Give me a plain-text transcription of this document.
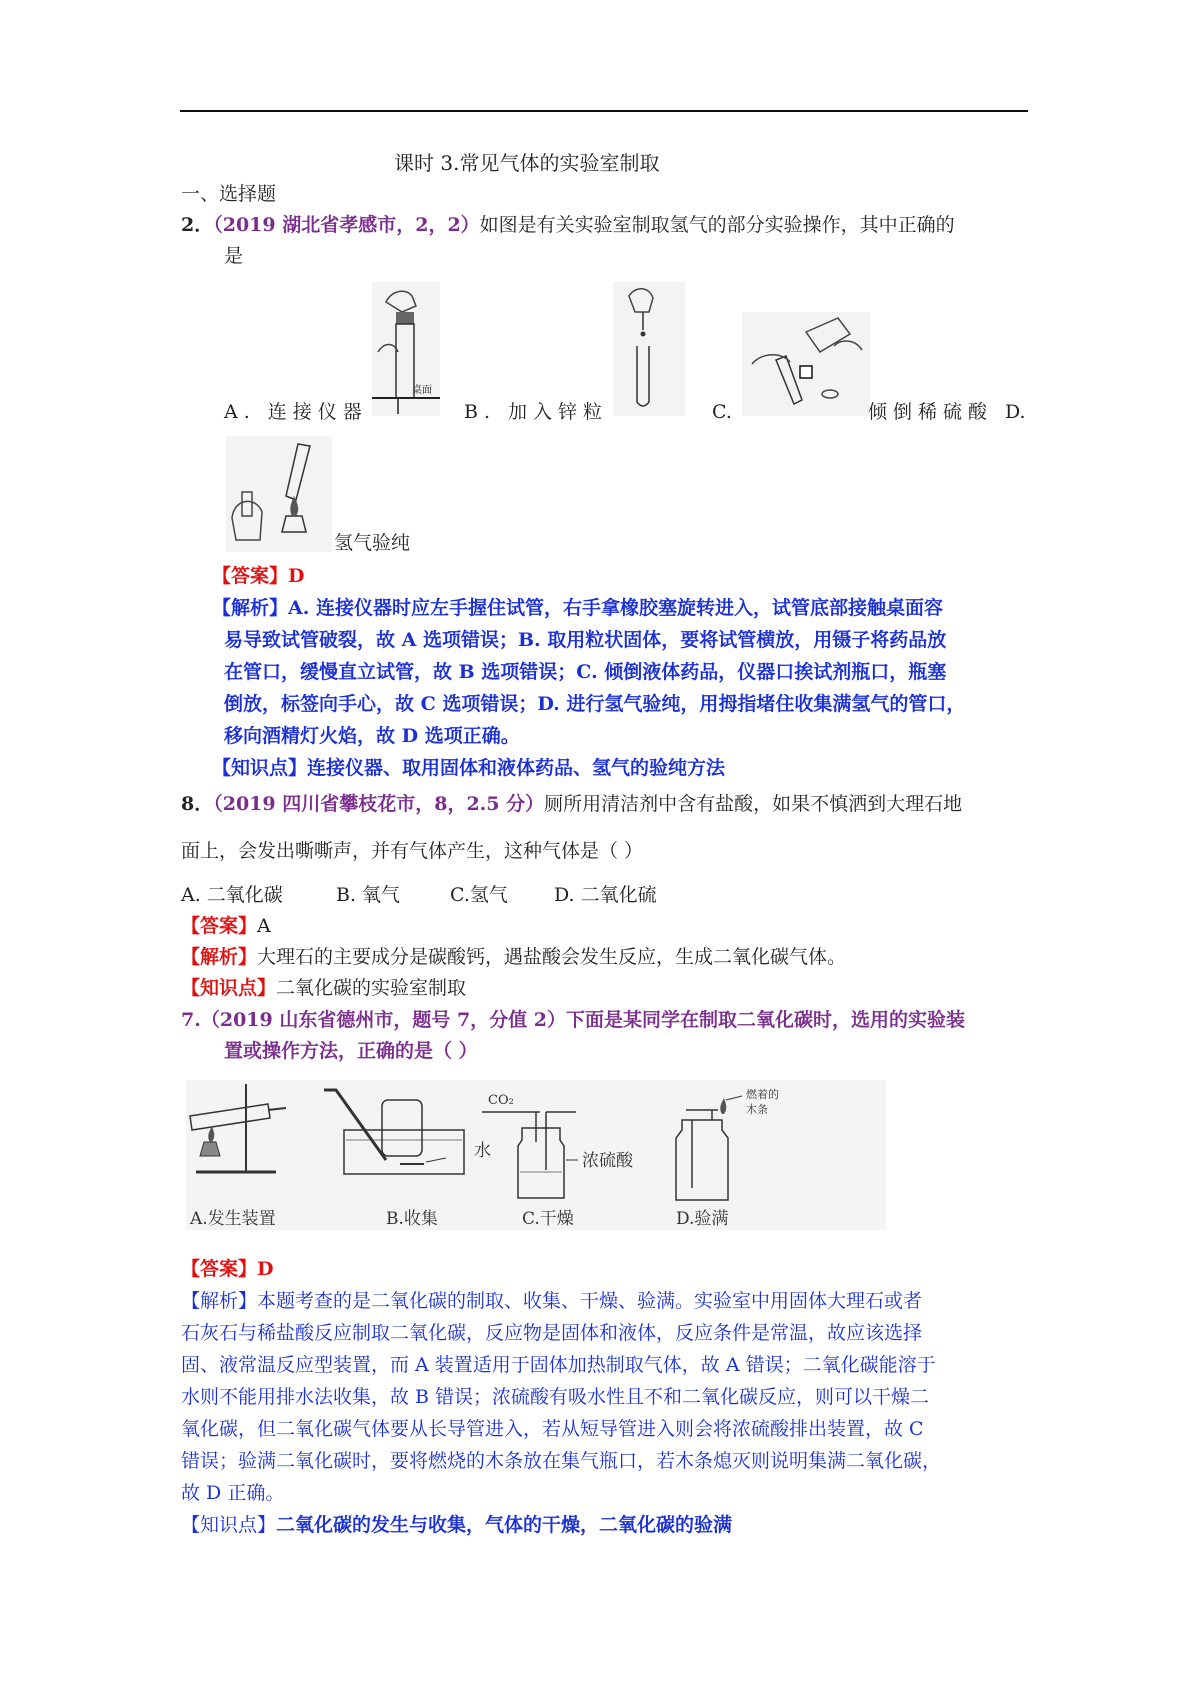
课时 3.常见气体的实验室制取
一、选择题
2．（2019 湖北省孝感市，2，2）如图是有关实验室制取氢气的部分实验操作，其中正确的
是
桌面
A. 连接仪器	B. 加入锌粒	C.	倾倒稀硫酸 D.
氢气验纯
【答案】D
【解析】A. 连接仪器时应左手握住试管，右手拿橡胶塞旋转进入，试管底部接触桌面容
易导致试管破裂，故 A 选项错误；B. 取用粒状固体，要将试管横放，用镊子将药品放
在管口，缓慢直立试管，故 B 选项错误；C. 倾倒液体药品，仪器口挨试剂瓶口，瓶塞
倒放，标签向手心，故 C 选项错误；D. 进行氢气验纯，用拇指堵住收集满氢气的管口，
移向酒精灯火焰，故 D 选项正确。
【知识点】连接仪器、取用固体和液体药品、氢气的验纯方法
8．（2019 四川省攀枝花市，8，2.5 分）厕所用清洁剂中含有盐酸，如果不慎洒到大理石地
面上，会发出嘶嘶声，并有气体产生，这种气体是（ ）
A. 二氧化碳	B. 氧气	C.氢气 D. 二氧化硫
【答案】A
【解析】大理石的主要成分是碳酸钙，遇盐酸会发生反应，生成二氧化碳气体。
【知识点】二氧化碳的实验室制取
7.（2019 山东省德州市，题号 7，分值 2）下面是某同学在制取二氧化碳时，选用的实验装
置或操作方法，正确的是（ ）
CO₂
水	浓硫酸
燃着的
木条
A.发生装置	B.收集	C.干燥	D.验满
【答案】D
【解析】本题考查的是二氧化碳的制取、收集、干燥、验满。实验室中用固体大理石或者
石灰石与稀盐酸反应制取二氧化碳，反应物是固体和液体，反应条件是常温，故应该选择
固、液常温反应型装置，而 A 装置适用于固体加热制取气体，故 A 错误；二氧化碳能溶于
水则不能用排水法收集，故 B 错误；浓硫酸有吸水性且不和二氧化碳反应，则可以干燥二
氧化碳，但二氧化碳气体要从长导管进入，若从短导管进入则会将浓硫酸排出装置，故 C
错误；验满二氧化碳时，要将燃烧的木条放在集气瓶口，若木条熄灭则说明集满二氧化碳，
故 D 正确。
【知识点】二氧化碳的发生与收集，气体的干燥，二氧化碳的验满
